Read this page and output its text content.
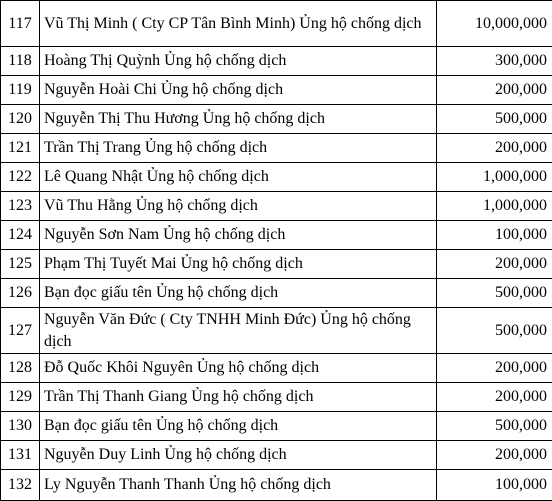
117	Vũ Thị Minh ( Cty CP Tân Bình Minh) Ủng hộ chống dịch	10,000,000
118	Hoàng Thị Quỳnh Ủng hộ chống dịch	300,000
119	Nguyễn Hoài Chi Ủng hộ chống dịch	200,000
120	Nguyễn Thị Thu Hương Ủng hộ chống dịch	500,000
121	Trần Thị Trang Ủng hộ chống dịch	200,000
122	Lê Quang Nhật Ủng hộ chống dịch	1,000,000
123	Vũ Thu Hằng Ủng hộ chống dịch	1,000,000
124	Nguyễn Sơn Nam Ủng hộ chống dịch	100,000
125	Phạm Thị Tuyết Mai Ủng hộ chống dịch	200,000
126	Bạn đọc giấu tên Ủng hộ chống dịch	500,000
127	Nguyễn Văn Đức ( Cty TNHH Minh Đức) Ủng hộ chống dịch	500,000
128	Đỗ Quốc Khôi Nguyên Ủng hộ chống dịch	200,000
129	Trần Thị Thanh Giang Ủng hộ chống dịch	200,000
130	Bạn đọc giấu tên Ủng hộ chống dịch	500,000
131	Nguyễn Duy Linh Ủng hộ chống dịch	200,000
132	Ly Nguyễn Thanh Thanh Ủng hộ chống dịch	100,000
